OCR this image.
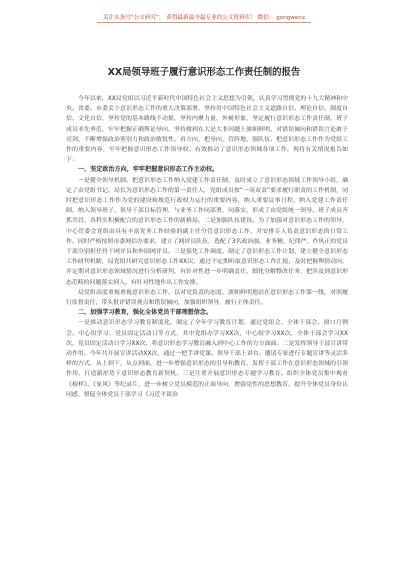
关注头条号“公文研究”， 获得最新最全最专业的公文资料库！ 微信： gongwenx
XX局领导班子履行意识形态工作责任制的报告

今年以来，XX局党组以习近平新时代中国特色社会主义思想为引领，认真学习贯彻党的十九大精神和中央、省委、市委关于意识形态工作的重大决策部署，坚持用中国特色社会主义道路自信、理论自信、制度自信、文化自信，坚持党的基本路线不动摇，坚持内聚力量，外树形象，坚定履行意识形态工作责任制，班子成员率先垂范，牢牢把握正确舆论导向，坚持做到在大是大非问题上旗帜鲜明，对错误倾向和错误言论敢于亮剑，不断增强政治鉴别力和政治敏锐性。看方向、把导向、管阵地、强队伍，把意识形态工作作为党组工作的重要内容，牢牢把握意识形态工作领导权、有效推动了意识形态领域各项工作。现将有关情况报告如下：

一、坚定政治方向，牢牢把握意识形态工作主动权。

一是健全领导机制。把意识形态工作纳入党建工作责任制，及时成立了意识形态领域工作领导小组，确定了由党组书记、局长为意识形态工作的第一责任人，党组成员按“一岗双责”要求履行职责的工作机制，同时把意识形态工作作为党的建设和规范行政权力运行的重要内容，纳入重要议事日程，纳入党建工作责任制，纳入领导班子、领导干部目标管理，与业务工作同部署、同落实，形成了由党组统一领导、班子成员齐抓共管、各科室积极配合的意识形态工作的新格局。二是加强队伍建设。为了加强对意识形态工作的领导，中心管委会党组由具有丰富党务工作经验的副主任分管意识形态工作，并安排专人负责意识形态的日常工作。同时严格按照市委网信办要求，建立了网评员队伍，选配了3名政治强、业务精、纪律严、作风正的党员干部分别担任骨干网评员和外围网评员。三是强化工作调度。制定了意识形态工作计划，建立健全意识形态工作研判机制，局党组共研究意识形态工作XX次，通过不定期听取意识形态工作汇报，及时把握舆情动向，并定期对意识形态领域情况进行分析研判，有针对性进一步明确责任，细化分解整改任务，把涉及到意识形态范畴的问题落实到人，有针对性地作出工作安排。

局党组高度重视重视意识形态工作，以对党负责的态度，旗帜鲜明地站在意识形态工作第一线，对照履行监督责任，带头批评错误观点和错误倾向，加强组织领导，履行主体责任。

二、加强学习教育，强化全体党员干部理想信念。

一是推动意识形态学习教育制度化。制定了全年学习教育计划，通过党组会、全体干部会、窗口月例会、中心组学习、党员固定活动日等方式，其中党组办学习XX次，中心组学习XX次，全体干部会学习XX次，党员固定活动日学习XX次，将意识形态学习教育融入到中心工作的方方面面。二是发挥领导干部宣讲带动作用。今年共开展宣讲活动XX次，通过一把手讲党课、领导干部上讲台、邀请专家进行专题宣讲等灵活多样的方式，从上到下，从点到面，进一步增强意识形态的引导和教育，发挥干部工作在意识形态领域的引领作用，打造新形势下意识形态教育新契机。三是注重开展意识形态专题学习教育。组织全体党员集中观看《榜样》、《家风》等纪录片，进一步树立党员模范的正面导向，增强党性的思想教育，提升全体党员身份认同感、督促全体党员干部学习《习近平谈治
